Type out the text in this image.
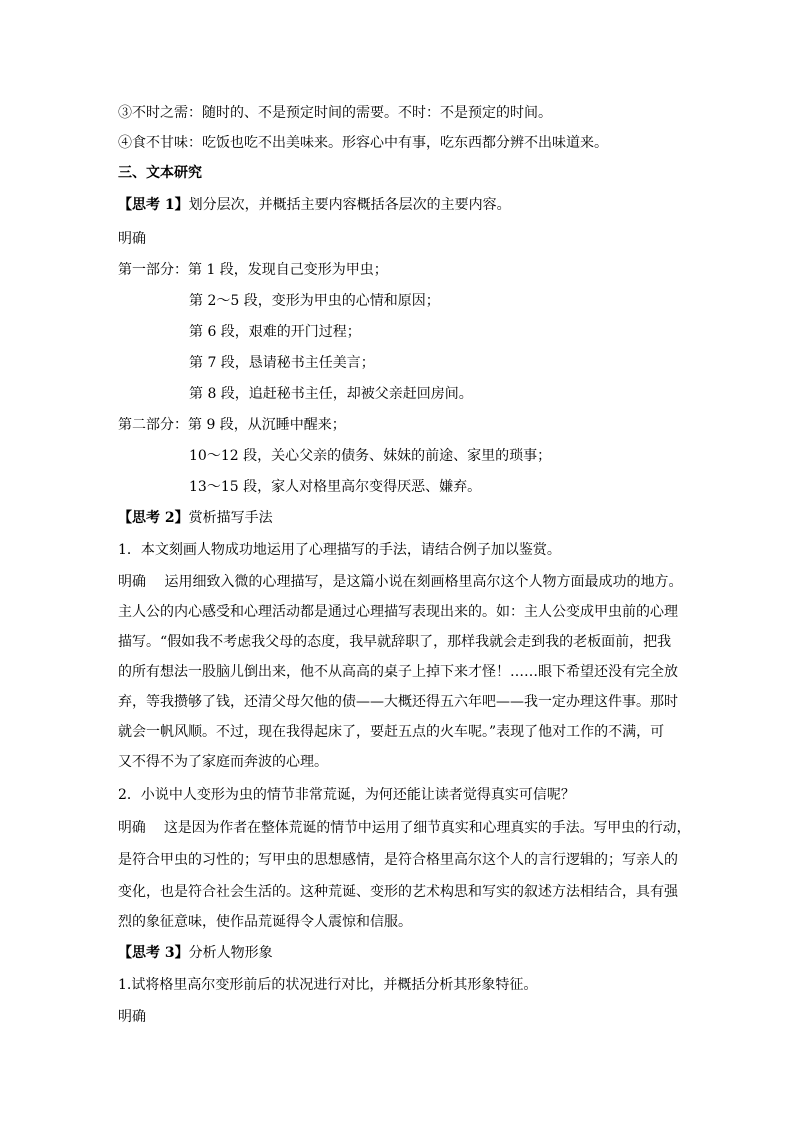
③不时之需：随时的、不是预定时间的需要。不时：不是预定的时间。
④食不甘味：吃饭也吃不出美味来。形容心中有事，吃东西都分辨不出味道来。
三、文本研究
【思考 1】划分层次，并概括主要内容概括各层次的主要内容。
明确
第一部分：第 1 段，发现自己变形为甲虫；
第 2～5 段，变形为甲虫的心情和原因；
第 6 段，艰难的开门过程；
第 7 段，恳请秘书主任美言；
第 8 段，追赶秘书主任，却被父亲赶回房间。
第二部分：第 9 段，从沉睡中醒来；
10～12 段，关心父亲的债务、妹妹的前途、家里的琐事；
13～15 段，家人对格里高尔变得厌恶、嫌弃。
【思考 2】赏析描写手法
1．本文刻画人物成功地运用了心理描写的手法，请结合例子加以鉴赏。
明确　 运用细致入微的心理描写，是这篇小说在刻画格里高尔这个人物方面最成功的地方。
主人公的内心感受和心理活动都是通过心理描写表现出来的。如：主人公变成甲虫前的心理
描写。“假如我不考虑我父母的态度，我早就辞职了，那样我就会走到我的老板面前，把我
的所有想法一股脑儿倒出来，他不从高高的桌子上掉下来才怪！……眼下希望还没有完全放
弃，等我攒够了钱，还清父母欠他的债——大概还得五六年吧——我一定办理这件事。那时
就会一帆风顺。不过，现在我得起床了，要赶五点的火车呢。”表现了他对工作的不满，可
又不得不为了家庭而奔波的心理。
2．小说中人变形为虫的情节非常荒诞，为何还能让读者觉得真实可信呢？
明确　 这是因为作者在整体荒诞的情节中运用了细节真实和心理真实的手法。写甲虫的行动，
是符合甲虫的习性的；写甲虫的思想感情，是符合格里高尔这个人的言行逻辑的；写亲人的
变化，也是符合社会生活的。这种荒诞、变形的艺术构思和写实的叙述方法相结合，具有强
烈的象征意味，使作品荒诞得令人震惊和信服。
【思考 3】分析人物形象
1.试将格里高尔变形前后的状况进行对比，并概括分析其形象特征。
明确
